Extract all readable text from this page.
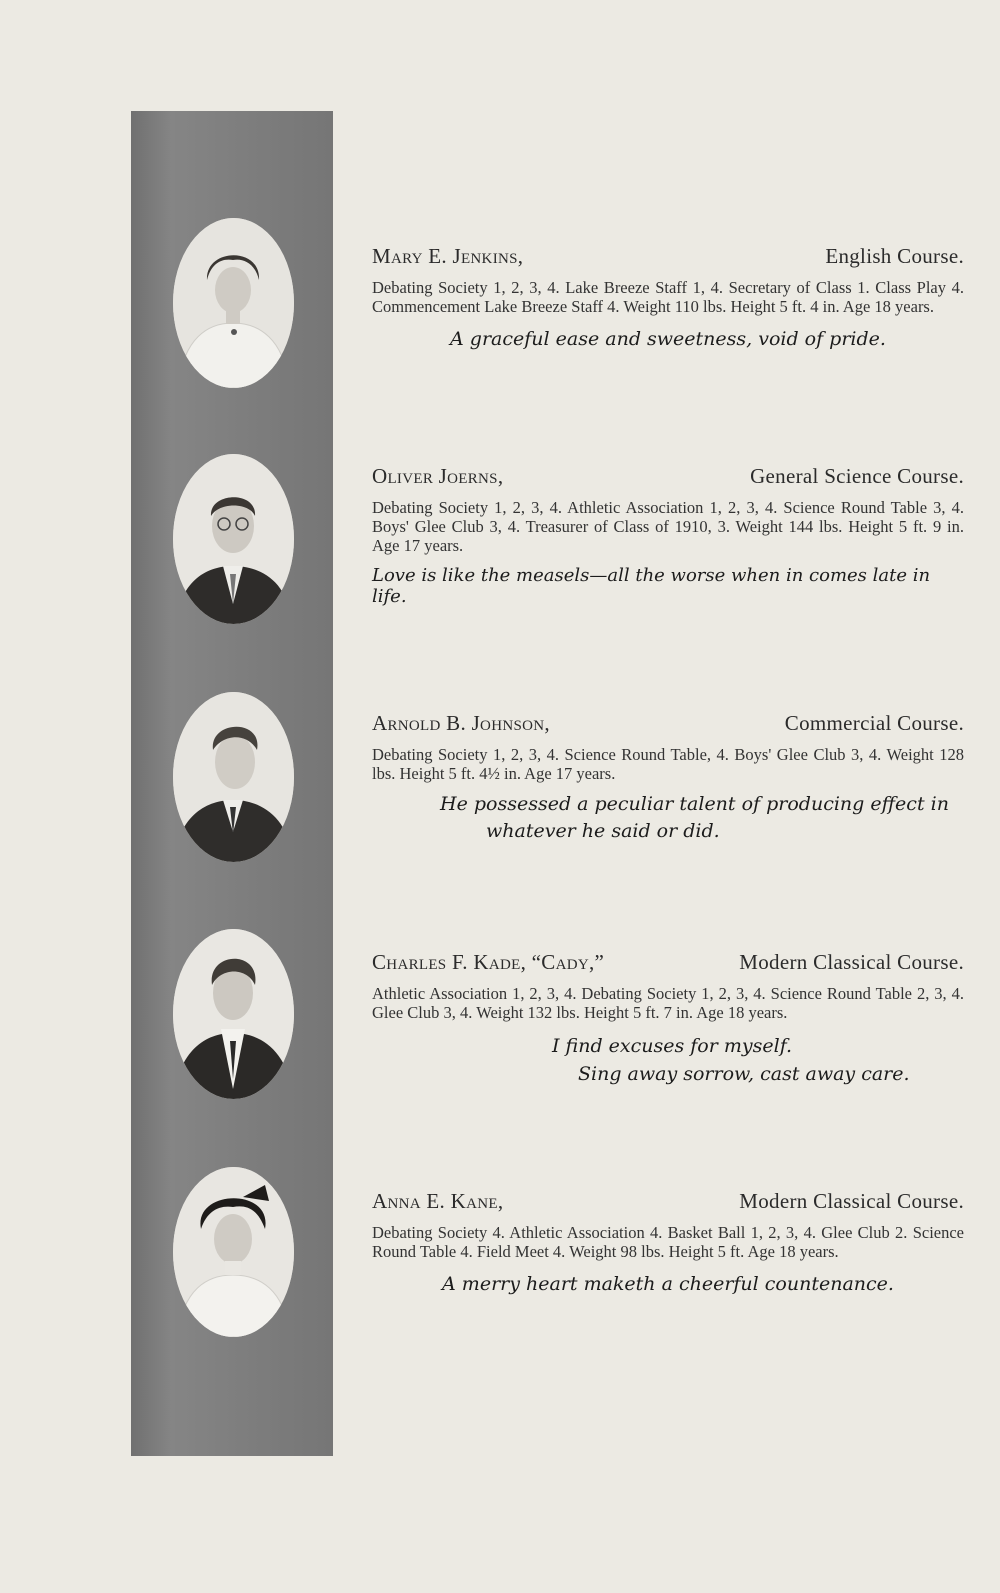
Mary E. Jenkins,	English Course.
Debating Society 1, 2, 3, 4. Lake Breeze Staff 1, 4. Secretary of Class 1. Class Play 4. Commencement Lake Breeze Staff 4. Weight 110 lbs. Height 5 ft. 4 in. Age 18 years.
A graceful ease and sweetness, void of pride.
Oliver Joerns,	General Science Course.
Debating Society 1, 2, 3, 4. Athletic Association 1, 2, 3, 4. Science Round Table 3, 4. Boys' Glee Club 3, 4. Treasurer of Class of 1910, 3. Weight 144 lbs. Height 5 ft. 9 in. Age 17 years.
Love is like the measels—all the worse when in comes late in life.
Arnold B. Johnson,	Commercial Course.
Debating Society 1, 2, 3, 4. Science Round Table, 4. Boys' Glee Club 3, 4. Weight 128 lbs. Height 5 ft. 4½ in. Age 17 years.
He possessed a peculiar talent of producing effect in
whatever he said or did.
Charles F. Kade, “Cady,”	Modern Classical Course.
Athletic Association 1, 2, 3, 4. Debating Society 1, 2, 3, 4. Science Round Table 2, 3, 4. Glee Club 3, 4. Weight 132 lbs. Height 5 ft. 7 in. Age 18 years.
I find excuses for myself.
Sing away sorrow, cast away care.
Anna E. Kane,	Modern Classical Course.
Debating Society 4. Athletic Association 4. Basket Ball 1, 2, 3, 4. Glee Club 2. Science Round Table 4. Field Meet 4. Weight 98 lbs. Height 5 ft. Age 18 years.
A merry heart maketh a cheerful countenance.
